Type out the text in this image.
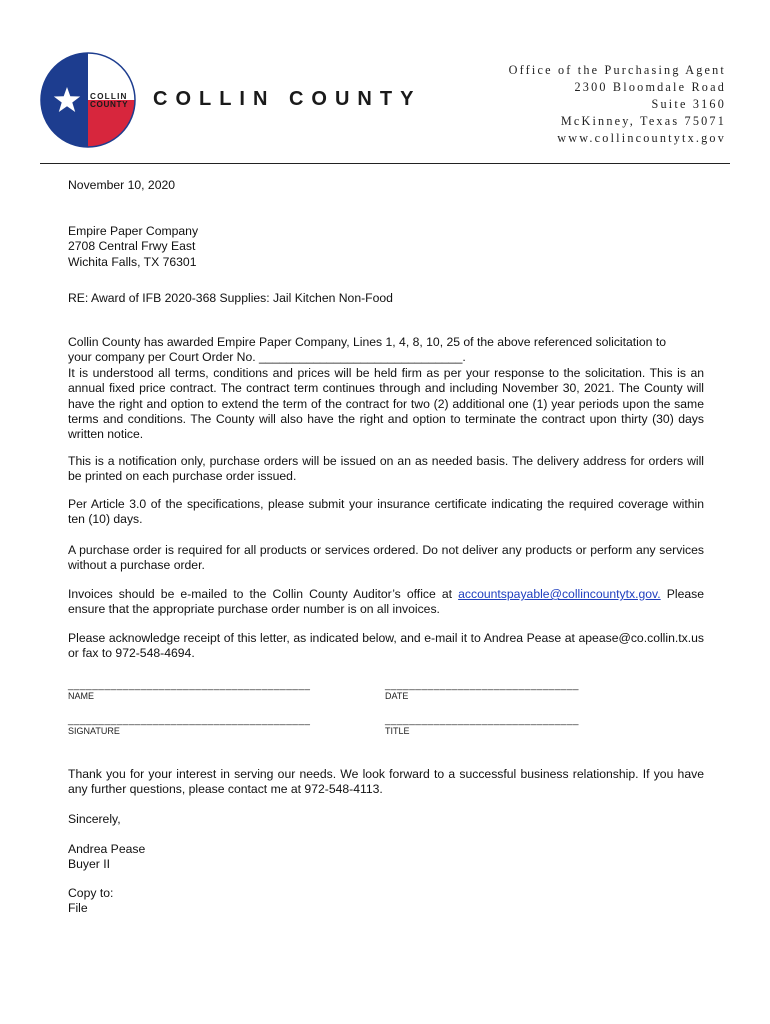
COLLIN
COUNTY COLLIN COUNTY
Office of the Purchasing Agent
2300 Bloomdale Road
Suite 3160
McKinney, Texas 75071
www.collincountytx.gov
November 10, 2020
Empire Paper Company
2708 Central Frwy East
Wichita Falls, TX 76301
RE: Award of IFB 2020-368 Supplies: Jail Kitchen Non-Food
Collin County has awarded Empire Paper Company, Lines 1, 4, 8, 10, 25 of the above referenced solicitation to
your company per Court Order No. ______________________________.
It is understood all terms, conditions and prices will be held firm as per your response to the solicitation. This is an annual fixed price contract. The contract term continues through and including November 30, 2021. The County will have the right and option to extend the term of the contract for two (2) additional one (1) year periods upon the same terms and conditions. The County will also have the right and option to terminate the contract upon thirty (30) days written notice.
This is a notification only, purchase orders will be issued on an as needed basis. The delivery address for orders will be printed on each purchase order issued.
Per Article 3.0 of the specifications, please submit your insurance certificate indicating the required coverage within ten (10) days.
A purchase order is required for all products or services ordered. Do not deliver any products or perform any services without a purchase order.
Invoices should be e-mailed to the Collin County Auditor’s office at accountspayable@collincountytx.gov. Please ensure that the appropriate purchase order number is on all invoices.
Please acknowledge receipt of this letter, as indicated below, and e-mail it to Andrea Pease at apease@co.collin.tx.us or fax to 972-548-4694.
________________________________________
NAME
________________________________
DATE
________________________________________
SIGNATURE
________________________________
TITLE
Thank you for your interest in serving our needs. We look forward to a successful business relationship. If you have any further questions, please contact me at 972-548-4113.
Sincerely,
Andrea Pease
Buyer II
Copy to:
File
